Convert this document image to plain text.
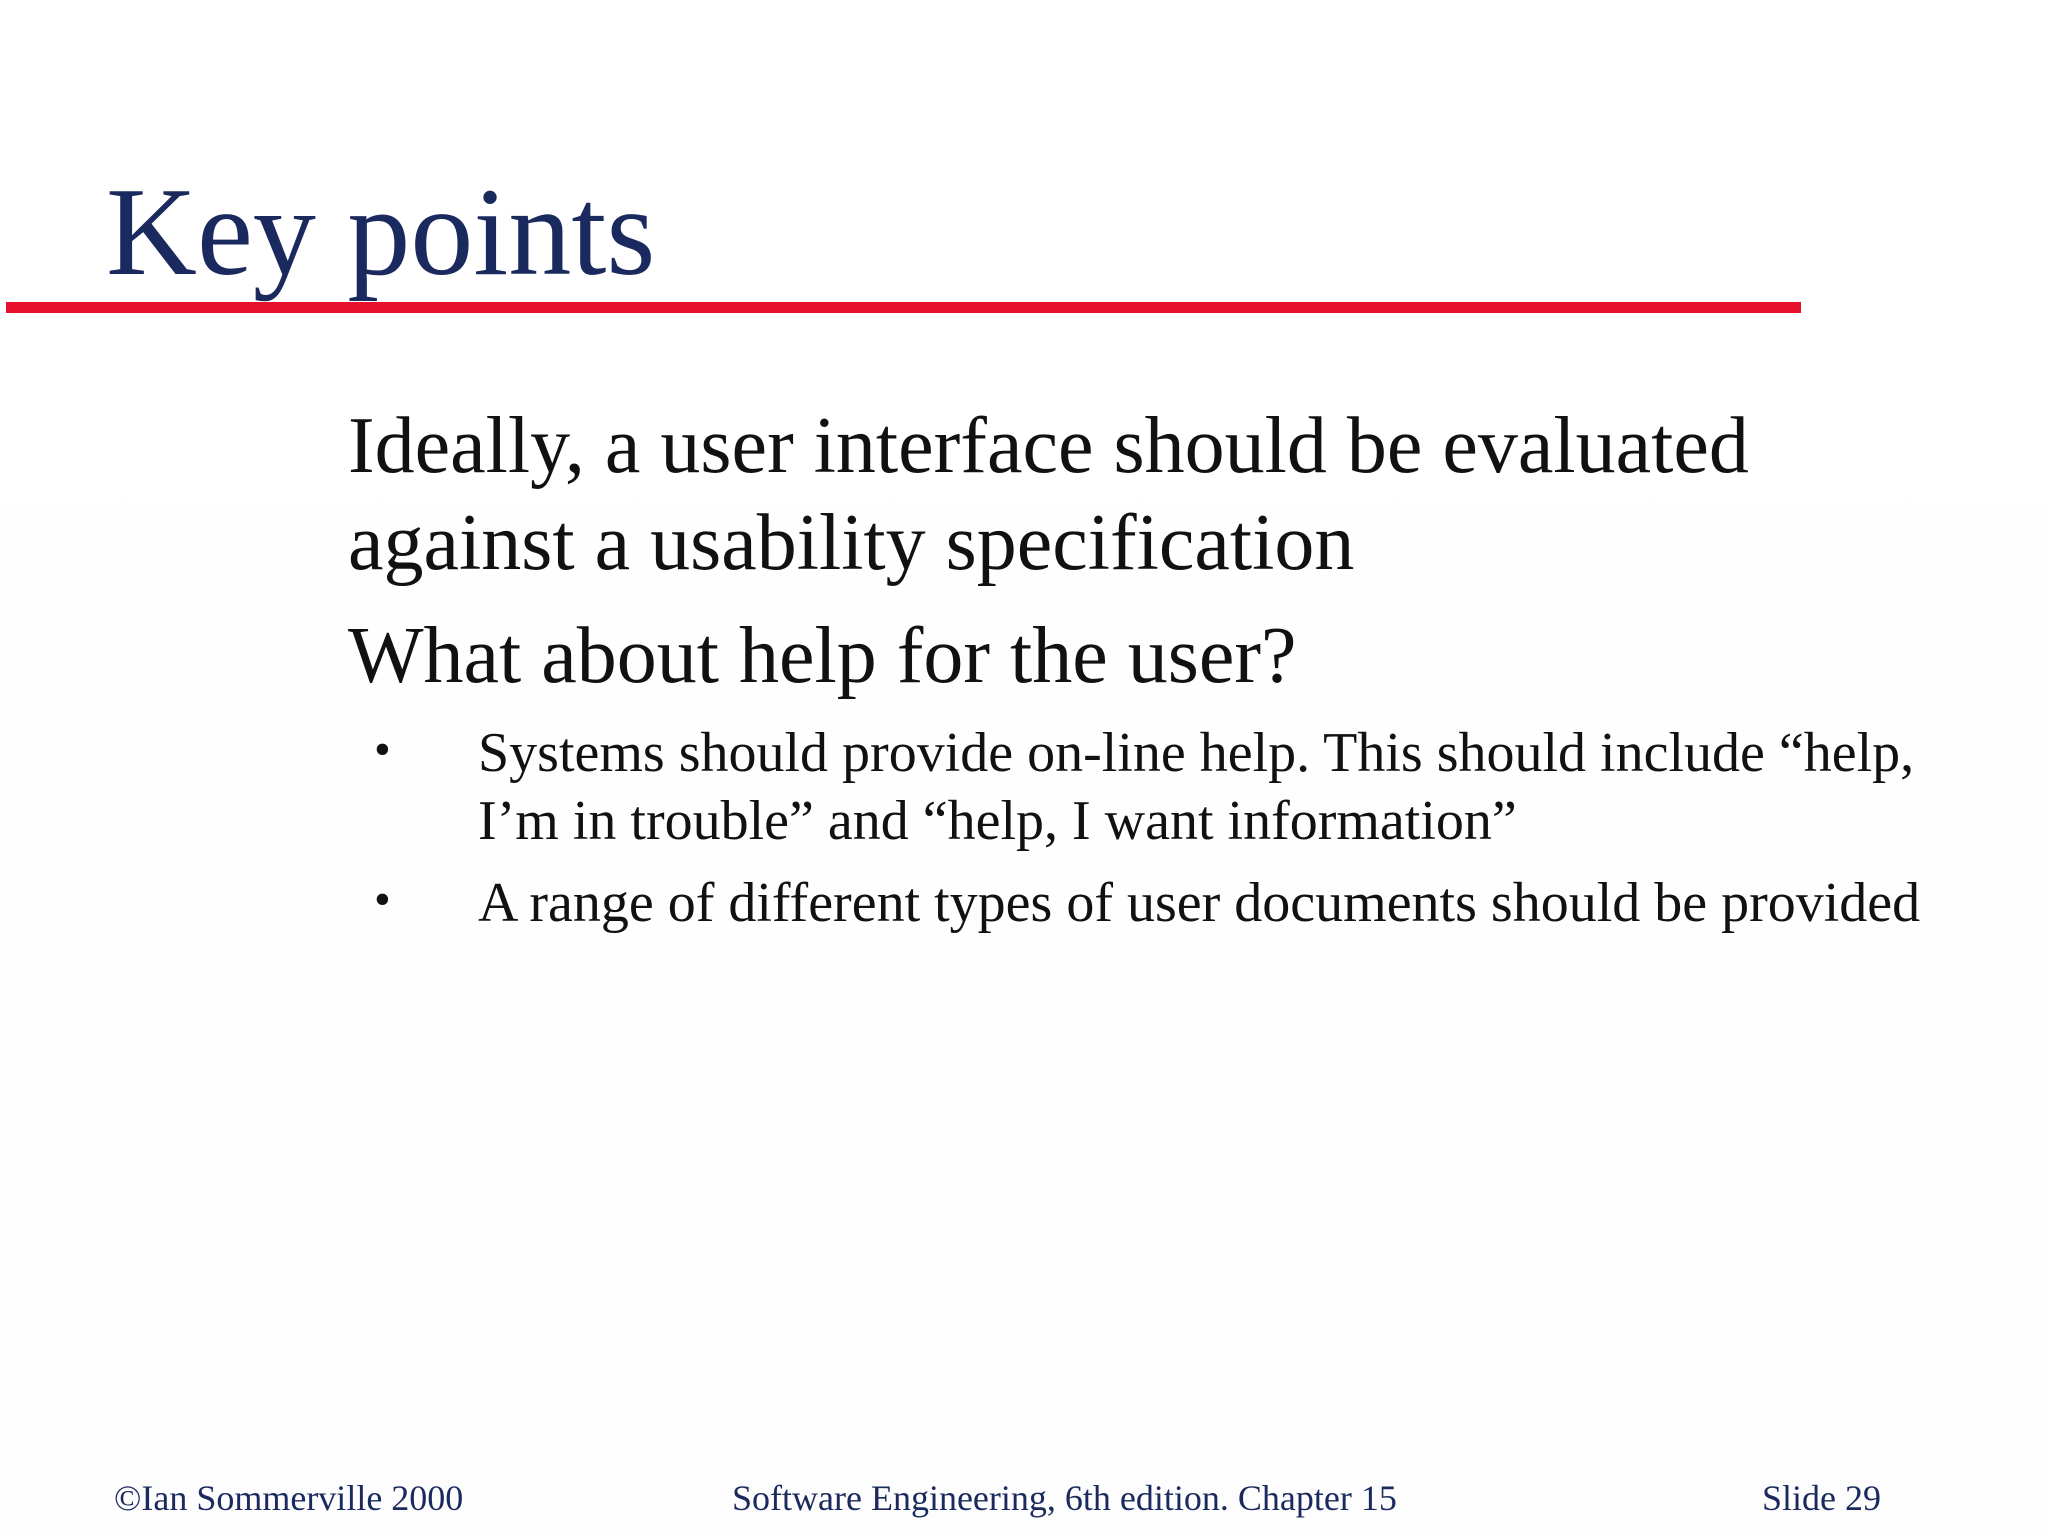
Key points

Ideally, a user interface should be evaluated against a usability specification

What about help for the user?

• Systems should provide on-line help. This should include “help, I’m in trouble” and “help, I want information”
• A range of different types of user documents should be provided
©Ian Sommerville 2000	Software Engineering, 6th edition. Chapter 15	Slide 29
